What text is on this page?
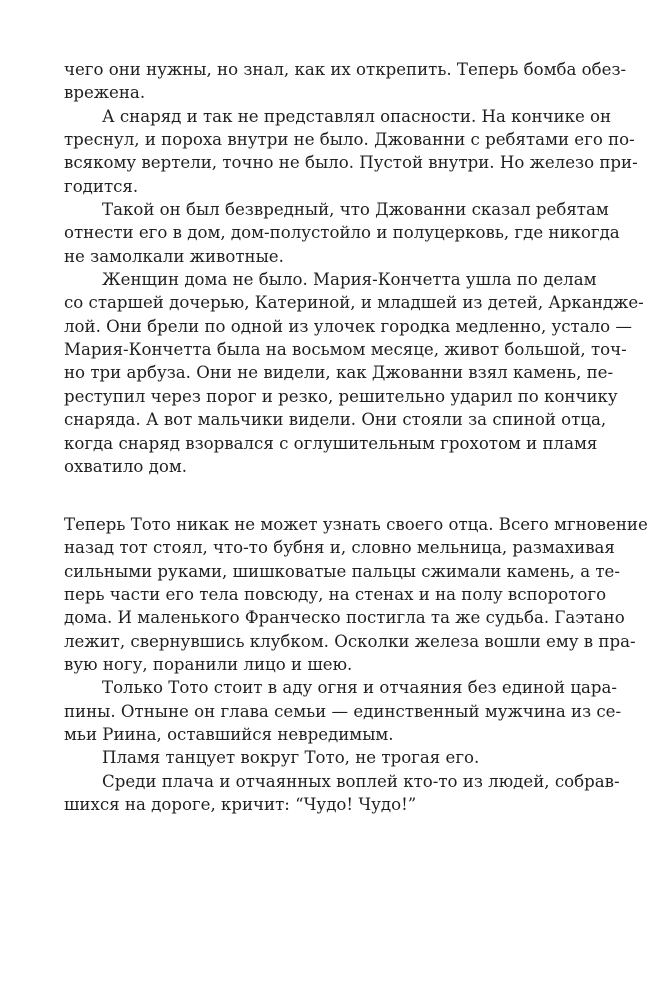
чего они нужны, но знал, как их открепить. Теперь бомба обез-
врежена.
А снаряд и так не представлял опасности. На кончике он
треснул, и пороха внутри не было. Джованни с ребятами его по-
всякому вертели, точно не было. Пустой внутри. Но железо при-
годится.
Такой он был безвредный, что Джованни сказал ребятам
отнести его в дом, дом-полустойло и полуцерковь, где никогда
не замолкали животные.
Женщин дома не было. Мария-Кончетта ушла по делам
со старшей дочерью, Катериной, и младшей из детей, Арканджe-
лой. Они брели по одной из улочек городка медленно, устало —
Мария-Кончетта была на восьмом месяце, живот большой, точ-
но три арбуза. Они не видели, как Джованни взял камень, пе-
реступил через порог и резко, решительно ударил по кончику
снаряда. А вот мальчики видели. Они стояли за спиной отца,
когда снаряд взорвался с оглушительным грохотом и пламя
охватило дом.
Теперь Тото никак не может узнать своего отца. Всего мгновение
назад тот стоял, что-то бубня и, словно мельница, размахивая
сильными руками, шишковатые пальцы сжимали камень, а те-
перь части его тела повсюду, на стенах и на полу вспоротого
дома. И маленького Франческо постигла та же судьба. Гаэтано
лежит, свернувшись клубком. Осколки железа вошли ему в пра-
вую ногу, поранили лицо и шею.
Только Тото стоит в аду огня и отчаяния без единой цара-
пины. Отныне он глава семьи — единственный мужчина из се-
мьи Риина, оставшийся невредимым.
Пламя танцует вокруг Тото, не трогая его.
Среди плача и отчаянных воплей кто-то из людей, собрав-
шихся на дороге, кричит: “Чудо! Чудо!”
